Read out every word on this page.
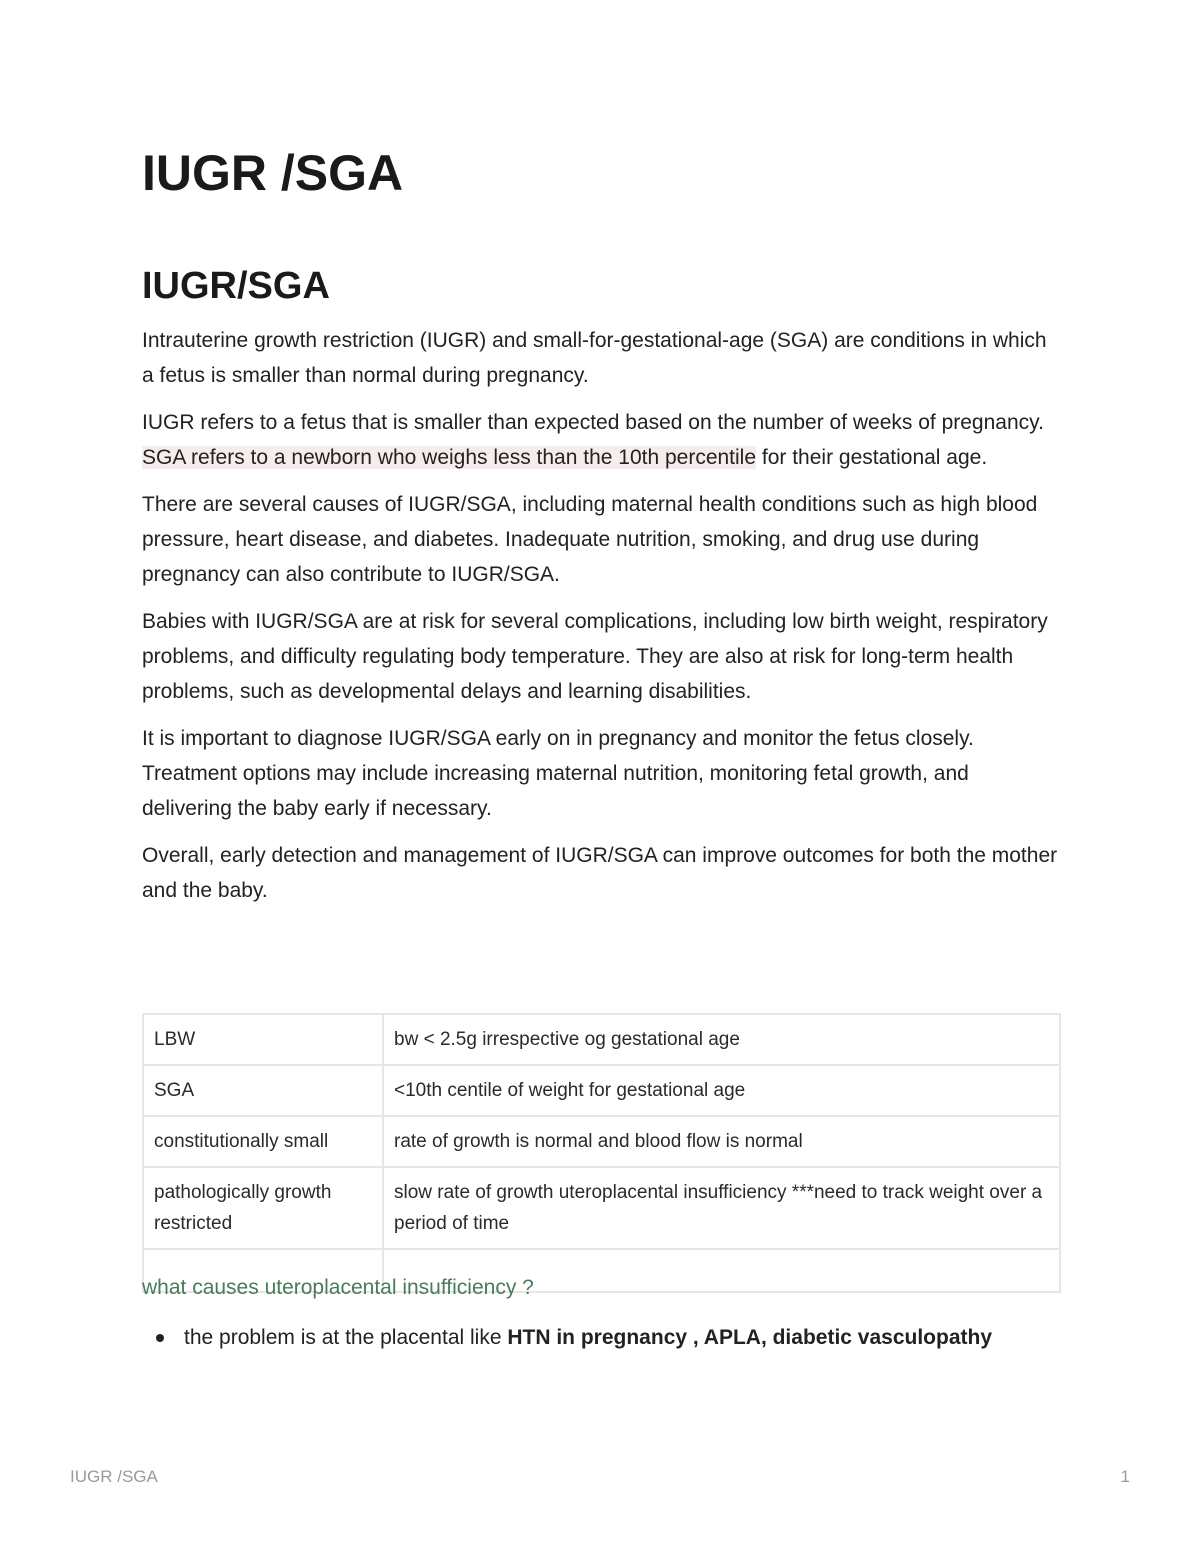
IUGR /SGA
IUGR/SGA

Intrauterine growth restriction (IUGR) and small-for-gestational-age (SGA) are conditions in which a fetus is smaller than normal during pregnancy.

IUGR refers to a fetus that is smaller than expected based on the number of weeks of pregnancy. SGA refers to a newborn who weighs less than the 10th percentile for their gestational age.

There are several causes of IUGR/SGA, including maternal health conditions such as high blood pressure, heart disease, and diabetes. Inadequate nutrition, smoking, and drug use during pregnancy can also contribute to IUGR/SGA.

Babies with IUGR/SGA are at risk for several complications, including low birth weight, respiratory problems, and difficulty regulating body temperature. They are also at risk for long-term health problems, such as developmental delays and learning disabilities.

It is important to diagnose IUGR/SGA early on in pregnancy and monitor the fetus closely. Treatment options may include increasing maternal nutrition, monitoring fetal growth, and delivering the baby early if necessary.

Overall, early detection and management of IUGR/SGA can improve outcomes for both the mother and the baby.

LBW	bw < 2.5g irrespective og gestational age
SGA	<10th centile of weight for gestational age
constitutionally small	rate of growth is normal and blood flow is normal
pathologically growth restricted	slow rate of growth uteroplacental insufficiency ***need to track weight over a period of time

what causes uteroplacental insufficiency ?

the problem is at the placental like HTN in pregnancy , APLA, diabetic vasculopathy
IUGR /SGA	1
